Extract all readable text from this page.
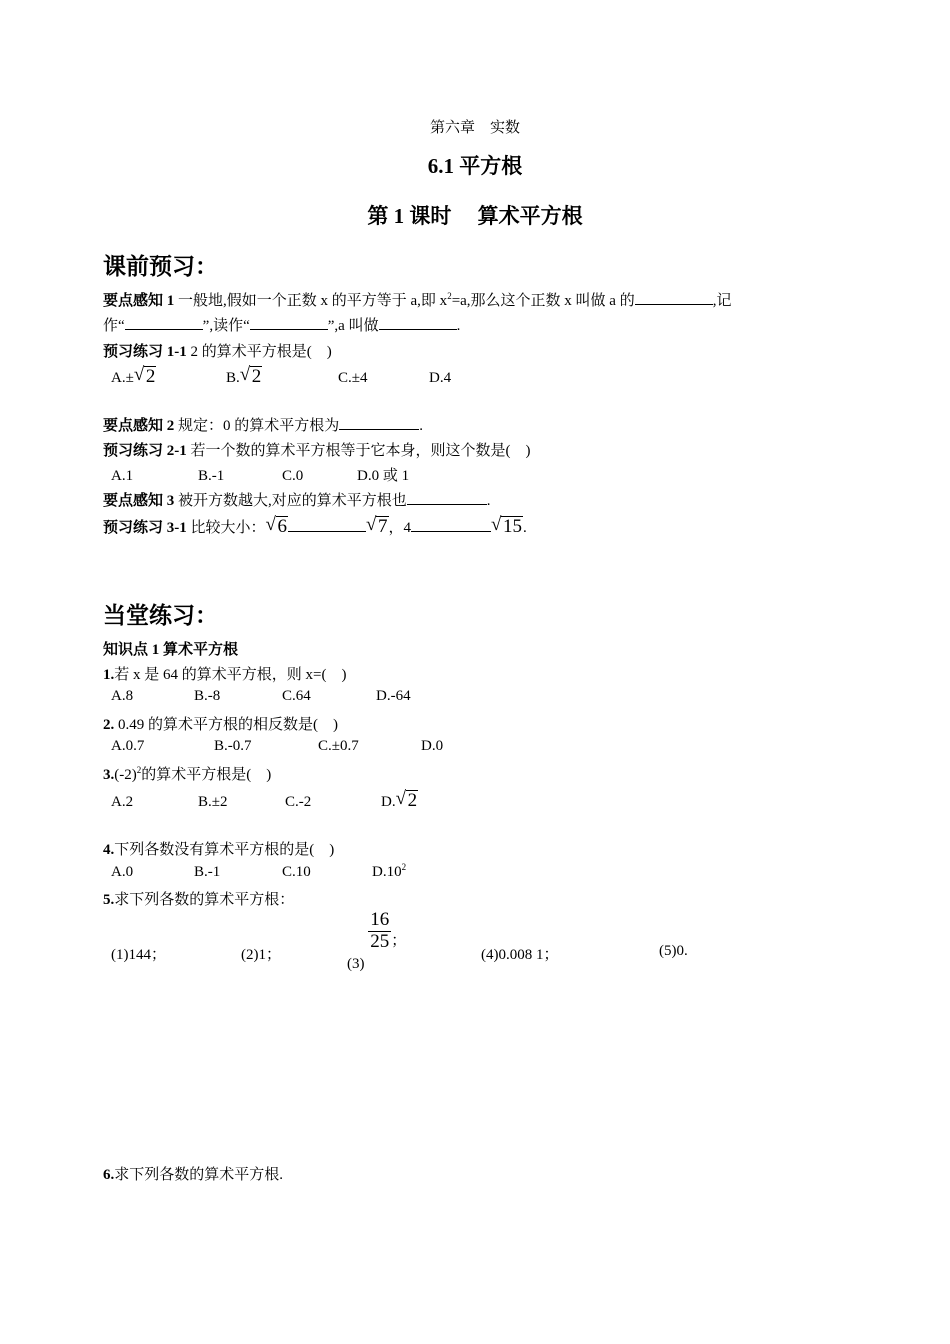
第六章　实数
6.1 平方根
第 1 课时　 算术平方根
课前预习：
要点感知 1 一般地,假如一个正数 x 的平方等于 a,即 $x^2=a$,那么这个正数 x 叫做 a 的	,记
作“	”,读作“	”,a 叫做	.
预习练习 1-1 2 的算术平方根是(　)
A.± √ 2	B. √ 2	C.±4	D.4
要点感知 2 规定：0 的算术平方根为	.
预习练习 2-1 若一个数的算术平方根等于它本身，则这个数是(　)
A.1	B.-1	C.0	D.0 或 1
要点感知 3 被开方数越大,对应的算术平方根也	.
预习练习 3-1 比较大小： √ 6	√ 7，4	√ 15.
当堂练习：
知识点 1 算术平方根
1.若 x 是 64 的算术平方根，则 x=(　)
A.8	B.-8	C.64	D.-64
2. 0.49 的算术平方根的相反数是(　)
A.0.7	B.-0.7	C.±0.7	D.0
$3.(-2)^2$的算术平方根是(　)
A.2	B.±2	C.-2	D. √ 2
4.下列各数没有算术平方根的是(　)
A.0	B.-1	C.10	$D.10^2$
5.求下列各数的算术平方根：
(1)144；	(2)1；
(3)
$\frac{16}{25}$ ；
(4)0.008 1；	(5)0.
6.求下列各数的算术平方根.
